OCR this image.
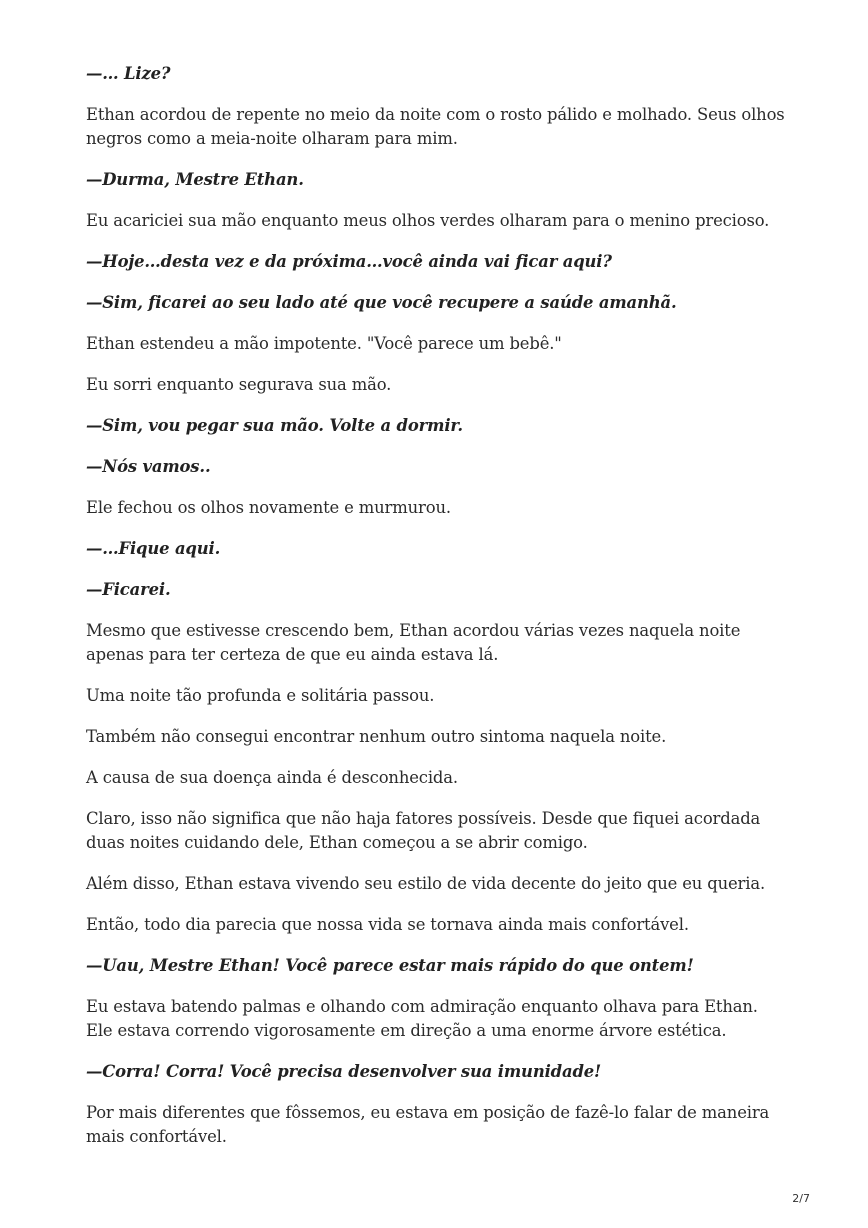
—… Lize?

Ethan acordou de repente no meio da noite com o rosto pálido e molhado. Seus olhos negros como a meia-noite olharam para mim.

—Durma, Mestre Ethan.

Eu acariciei sua mão enquanto meus olhos verdes olharam para o menino precioso.

—Hoje…desta vez e da próxima…você ainda vai ficar aqui?

—Sim, ficarei ao seu lado até que você recupere a saúde amanhã.

Ethan estendeu a mão impotente. "Você parece um bebê."

Eu sorri enquanto segurava sua mão.

—Sim, vou pegar sua mão. Volte a dormir.

—Nós vamos..

Ele fechou os olhos novamente e murmurou.

—…Fique aqui.

—Ficarei.

Mesmo que estivesse crescendo bem, Ethan acordou várias vezes naquela noite apenas para ter certeza de que eu ainda estava lá.

Uma noite tão profunda e solitária passou.

Também não consegui encontrar nenhum outro sintoma naquela noite.

A causa de sua doença ainda é desconhecida.

Claro, isso não significa que não haja fatores possíveis. Desde que fiquei acordada duas noites cuidando dele, Ethan começou a se abrir comigo.

Além disso, Ethan estava vivendo seu estilo de vida decente do jeito que eu queria.

Então, todo dia parecia que nossa vida se tornava ainda mais confortável.

—Uau, Mestre Ethan! Você parece estar mais rápido do que ontem!

Eu estava batendo palmas e olhando com admiração enquanto olhava para Ethan. Ele estava correndo vigorosamente em direção a uma enorme árvore estética.

—Corra! Corra! Você precisa desenvolver sua imunidade!

Por mais diferentes que fôssemos, eu estava em posição de fazê-lo falar de maneira mais confortável.

2/7
